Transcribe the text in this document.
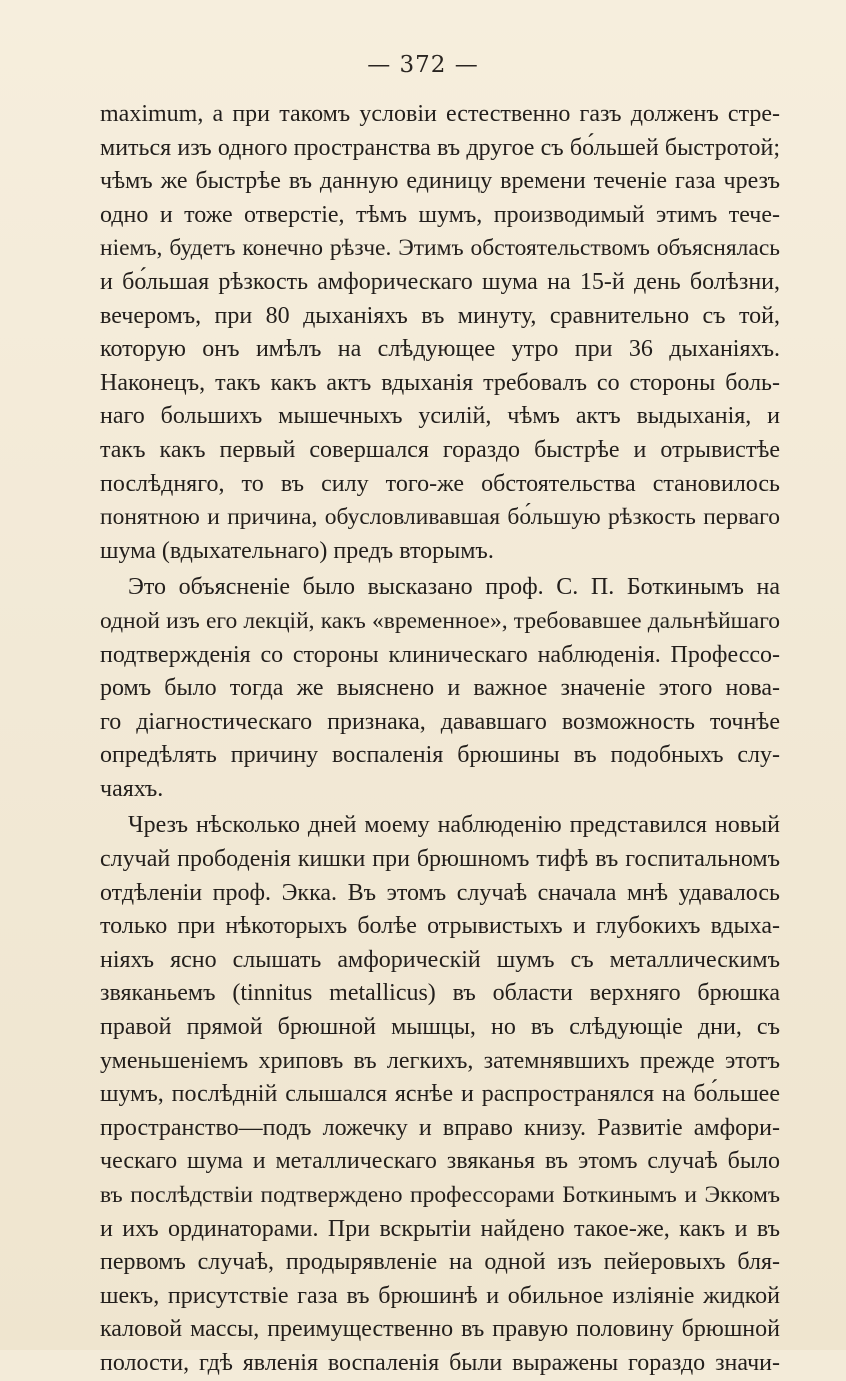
— 372 —
maximum, а при такомъ условіи естественно газъ долженъ стре-
миться изъ одного пространства въ другое съ бо́льшей быстротой;
чѣмъ же быстрѣе въ данную единицу времени теченіе газа чрезъ
одно и тоже отверстіе, тѣмъ шумъ, производимый этимъ тече-
ніемъ, будетъ конечно рѣзче. Этимъ обстоятельствомъ объяснялась
и бо́льшая рѣзкость амфорическаго шума на 15-й день болѣзни,
вечеромъ, при 80 дыханіяхъ въ минуту, сравнительно съ той,
которую онъ имѣлъ на слѣдующее утро при 36 дыханіяхъ.
Наконецъ, такъ какъ актъ вдыханія требовалъ со стороны боль-
наго большихъ мышечныхъ усилій, чѣмъ актъ выдыханія, и
такъ какъ первый совершался гораздо быстрѣе и отрывистѣе
послѣдняго, то въ силу того-же обстоятельства становилось
понятною и причина, обусловливавшая бо́льшую рѣзкость перваго
шума (вдыхательнаго) предъ вторымъ.
Это объясненіе было высказано проф. С. П. Боткинымъ на
одной изъ его лекцій, какъ «временное», требовавшее дальнѣйшаго
подтвержденія со стороны клиническаго наблюденія. Профессо-
ромъ было тогда же выяснено и важное значеніе этого нова-
го діагностическаго признака, дававшаго возможность точнѣе
опредѣлять причину воспаленія брюшины въ подобныхъ слу-
чаяхъ.
Чрезъ нѣсколько дней моему наблюденію представился новый
случай прободенія кишки при брюшномъ тифѣ въ госпитальномъ
отдѣленіи проф. Экка. Въ этомъ случаѣ сначала мнѣ удавалось
только при нѣкоторыхъ болѣе отрывистыхъ и глубокихъ вдыха-
ніяхъ ясно слышать амфорическій шумъ съ металлическимъ
звяканьемъ (tinnitus metallicus) въ области верхняго брюшка
правой прямой брюшной мышцы, но въ слѣдующіе дни, съ
уменьшеніемъ хриповъ въ легкихъ, затемнявшихъ прежде этотъ
шумъ, послѣдній слышался яснѣе и распространялся на бо́льшее
пространство—подъ ложечку и вправо книзу. Развитіе амфори-
ческаго шума и металлическаго звяканья въ этомъ случаѣ было
въ послѣдствіи подтверждено профессорами Боткинымъ и Эккомъ
и ихъ ординаторами. При вскрытіи найдено такое-же, какъ и въ
первомъ случаѣ, продырявленіе на одной изъ пейеровыхъ бля-
шекъ, присутствіе газа въ брюшинѣ и обильное изліяніе жидкой
каловой массы, преимущественно въ правую половину брюшной
полости, гдѣ явленія воспаленія были выражены гораздо значи-
